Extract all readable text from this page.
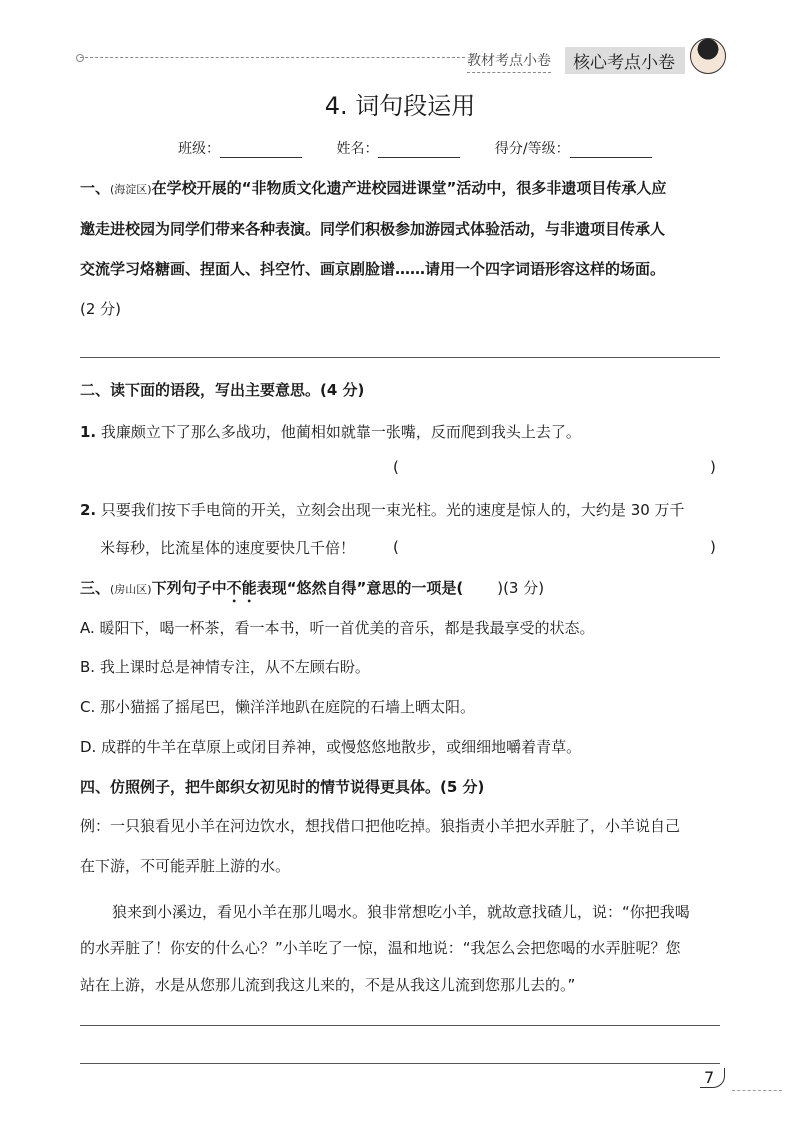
教材考点小卷	核心考点小卷
4. 词句段运用
班级：	姓名：	得分/等级：
一、(海淀区)在学校开展的“非物质文化遗产进校园进课堂”活动中，很多非遗项目传承人应
邀走进校园为同学们带来各种表演。同学们积极参加游园式体验活动，与非遗项目传承人
交流学习烙糖画、捏面人、抖空竹、画京剧脸谱……请用一个四字词语形容这样的场面。
(2 分)
二、读下面的语段，写出主要意思。(4 分)
1. 我廉颇立下了那么多战功，他蔺相如就靠一张嘴，反而爬到我头上去了。
(	)
2. 只要我们按下手电筒的开关，立刻会出现一束光柱。光的速度是惊人的，大约是 30 万千
米每秒，比流星体的速度要快几千倍！	(	)
三、(房山区)下列句子中不能表现“悠然自得”意思的一项是( )(3 分)
A. 暖阳下，喝一杯茶，看一本书，听一首优美的音乐，都是我最享受的状态。
B. 我上课时总是神情专注，从不左顾右盼。
C. 那小猫摇了摇尾巴，懒洋洋地趴在庭院的石墙上晒太阳。
D. 成群的牛羊在草原上或闭目养神，或慢悠悠地散步，或细细地嚼着青草。
四、仿照例子，把牛郎织女初见时的情节说得更具体。(5 分)
例：一只狼看见小羊在河边饮水，想找借口把他吃掉。狼指责小羊把水弄脏了，小羊说自己
在下游，不可能弄脏上游的水。
狼来到小溪边，看见小羊在那儿喝水。狼非常想吃小羊，就故意找碴儿，说：“你把我喝
的水弄脏了！你安的什么心？”小羊吃了一惊，温和地说：“我怎么会把您喝的水弄脏呢？您
站在上游，水是从您那儿流到我这儿来的，不是从我这儿流到您那儿去的。”
7
